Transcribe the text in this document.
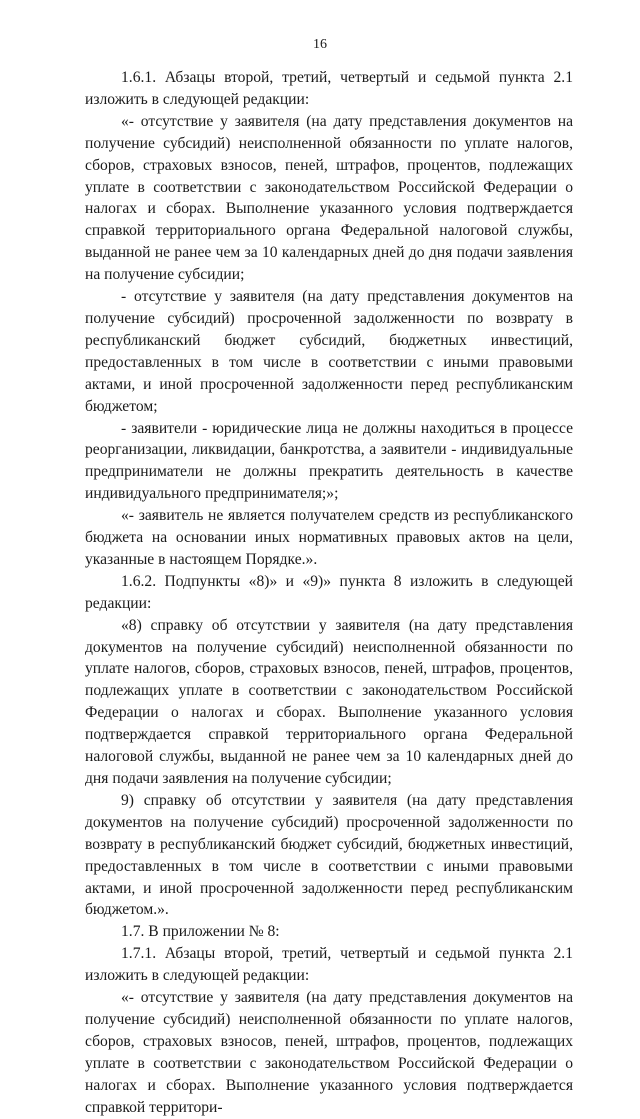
16

1.6.1. Абзацы второй, третий, четвертый и седьмой пункта 2.1 изложить в следующей редакции:

«- отсутствие у заявителя (на дату представления документов на получение субсидий) неисполненной обязанности по уплате налогов, сборов, страховых взносов, пеней, штрафов, процентов, подлежащих уплате в соответствии с законодательством Российской Федерации о налогах и сборах. Выполнение указанного условия подтверждается справкой территориального органа Федеральной налоговой службы, выданной не ранее чем за 10 календарных дней до дня подачи заявления на получение субсидии;

- отсутствие у заявителя (на дату представления документов на получение субсидий) просроченной задолженности по возврату в республиканский бюджет субсидий, бюджетных инвестиций, предоставленных в том числе в соответствии с иными правовыми актами, и иной просроченной задолженности перед республиканским бюджетом;

- заявители - юридические лица не должны находиться в процессе реорганизации, ликвидации, банкротства, а заявители - индивидуальные предприниматели не должны прекратить деятельность в качестве индивидуального предпринимателя;»;

«- заявитель не является получателем средств из республиканского бюджета на основании иных нормативных правовых актов на цели, указанные в настоящем Порядке.».

1.6.2. Подпункты «8)» и «9)» пункта 8 изложить в следующей редакции:

«8) справку об отсутствии у заявителя (на дату представления документов на получение субсидий) неисполненной обязанности по уплате налогов, сборов, страховых взносов, пеней, штрафов, процентов, подлежащих уплате в соответствии с законодательством Российской Федерации о налогах и сборах. Выполнение указанного условия подтверждается справкой территориального органа Федеральной налоговой службы, выданной не ранее чем за 10 календарных дней до дня подачи заявления на получение субсидии;

9) справку об отсутствии у заявителя (на дату представления документов на получение субсидий) просроченной задолженности по возврату в республиканский бюджет субсидий, бюджетных инвестиций, предоставленных в том числе в соответствии с иными правовыми актами, и иной просроченной задолженности перед республиканским бюджетом.».

1.7. В приложении № 8:

1.7.1. Абзацы второй, третий, четвертый и седьмой пункта 2.1 изложить в следующей редакции:

«- отсутствие у заявителя (на дату представления документов на получение субсидий) неисполненной обязанности по уплате налогов, сборов, страховых взносов, пеней, штрафов, процентов, подлежащих уплате в соответствии с законодательством Российской Федерации о налогах и сборах. Выполнение указанного условия подтверждается справкой территори-
